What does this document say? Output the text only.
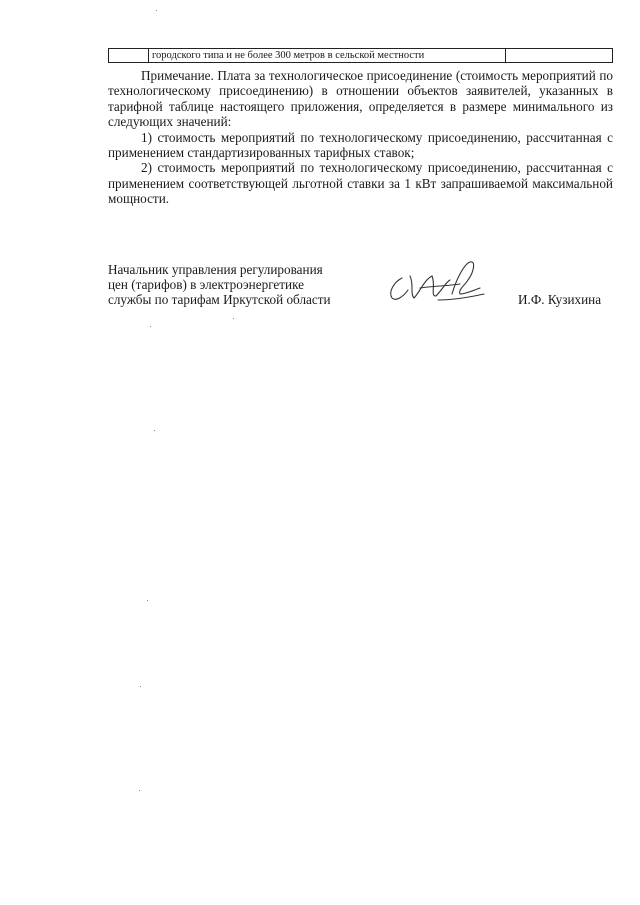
	городского типа и не более 300 метров в сельской местности	

Примечание. Плата за технологическое присоединение (стоимость мероприятий по технологическому присоединению) в отношении объектов заявителей, указанных в тарифной таблице настоящего приложения, определяется в размере минимального из следующих значений:

1) стоимость мероприятий по технологическому присоединению, рассчитанная с применением стандартизированных тарифных ставок;

2) стоимость мероприятий по технологическому присоединению, рассчитанная с применением соответствующей льготной ставки за 1 кВт запрашиваемой максимальной мощности.

Начальник управления регулирования
цен (тарифов) в электроэнергетике
службы по тарифам Иркутской области	И.Ф. Кузихина
